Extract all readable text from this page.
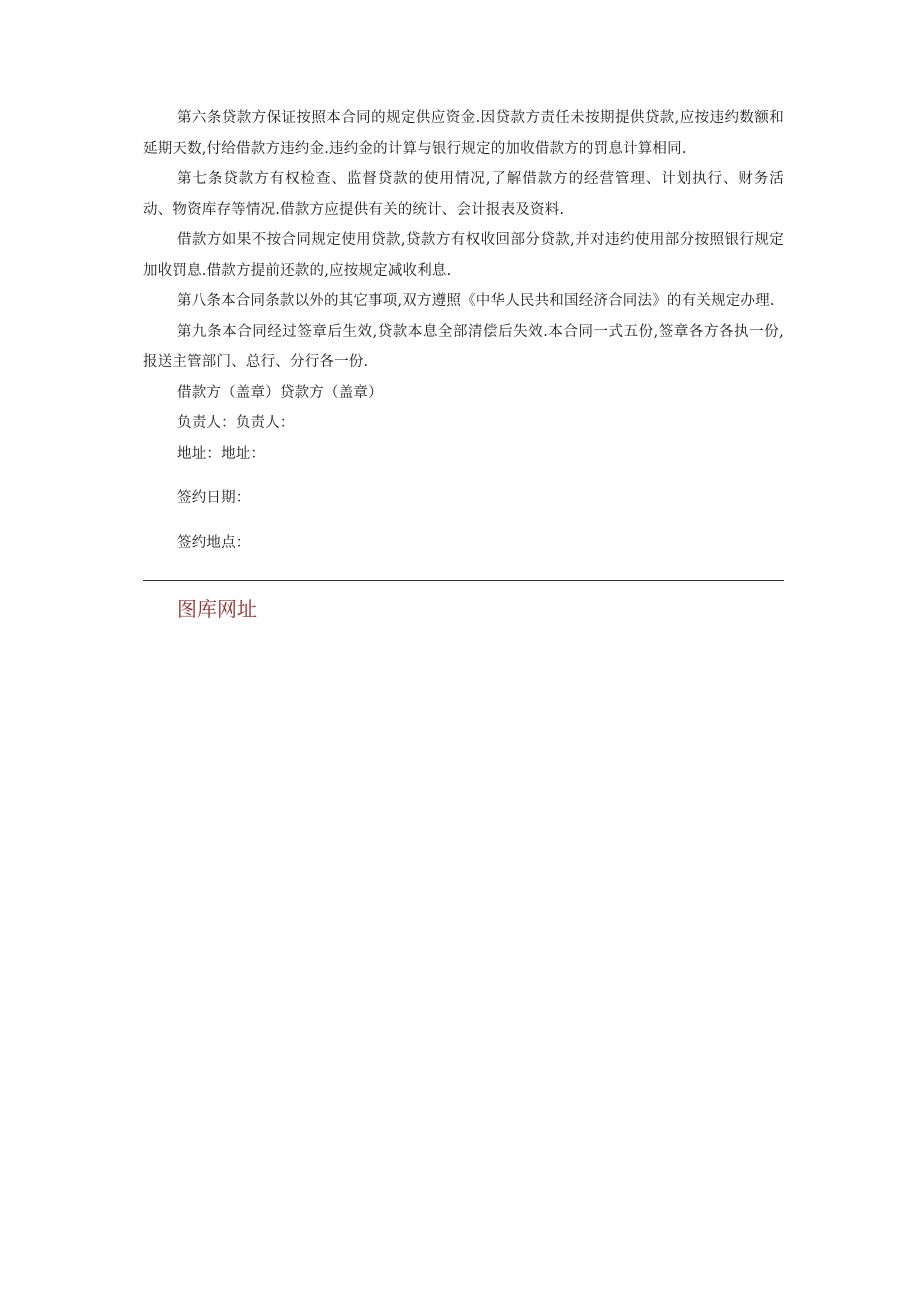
第六条贷款方保证按照本合同的规定供应资金.因贷款方责任未按期提供贷款,应按违约数额和延期天数,付给借款方违约金.违约金的计算与银行规定的加收借款方的罚息计算相同.

第七条贷款方有权检查、监督贷款的使用情况,了解借款方的经营管理、计划执行、财务活动、物资库存等情况.借款方应提供有关的统计、会计报表及资料.

借款方如果不按合同规定使用贷款,贷款方有权收回部分贷款,并对违约使用部分按照银行规定加收罚息.借款方提前还款的,应按规定减收利息.

第八条本合同条款以外的其它事项,双方遵照《中华人民共和国经济合同法》的有关规定办理.

第九条本合同经过签章后生效,贷款本息全部清偿后失效.本合同一式五份,签章各方各执一份,报送主管部门、总行、分行各一份.

借款方（盖章）贷款方（盖章）

负责人：负责人：

地址：地址：

签约日期：

签约地点：

图库网址
